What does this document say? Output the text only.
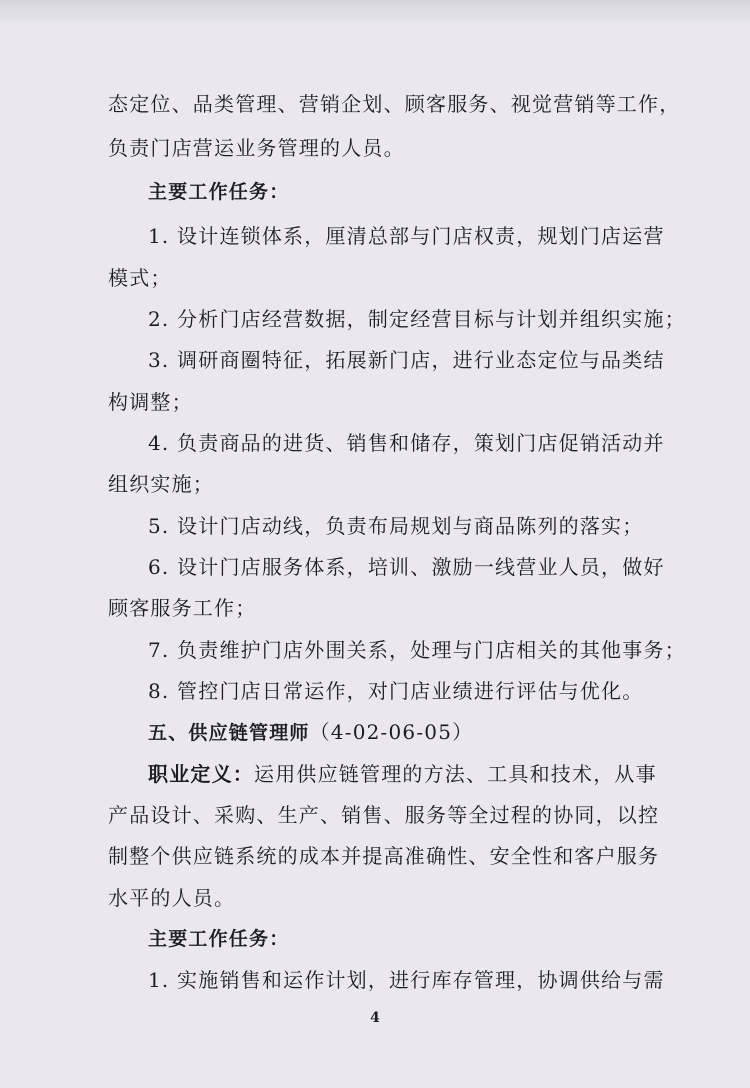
态定位、品类管理、营销企划、顾客服务、视觉营销等工作，
负责门店营运业务管理的人员。
主要工作任务：
1. 设计连锁体系，厘清总部与门店权责，规划门店运营
模式；
2. 分析门店经营数据，制定经营目标与计划并组织实施；
3. 调研商圈特征，拓展新门店，进行业态定位与品类结
构调整；
4. 负责商品的进货、销售和储存，策划门店促销活动并
组织实施；
5. 设计门店动线，负责布局规划与商品陈列的落实；
6. 设计门店服务体系，培训、激励一线营业人员，做好
顾客服务工作；
7. 负责维护门店外围关系，处理与门店相关的其他事务；
8. 管控门店日常运作，对门店业绩进行评估与优化。
五、供应链管理师（4-02-06-05）
职业定义：运用供应链管理的方法、工具和技术，从事
产品设计、采购、生产、销售、服务等全过程的协同，以控
制整个供应链系统的成本并提高准确性、安全性和客户服务
水平的人员。
主要工作任务：
1. 实施销售和运作计划，进行库存管理，协调供给与需
4
